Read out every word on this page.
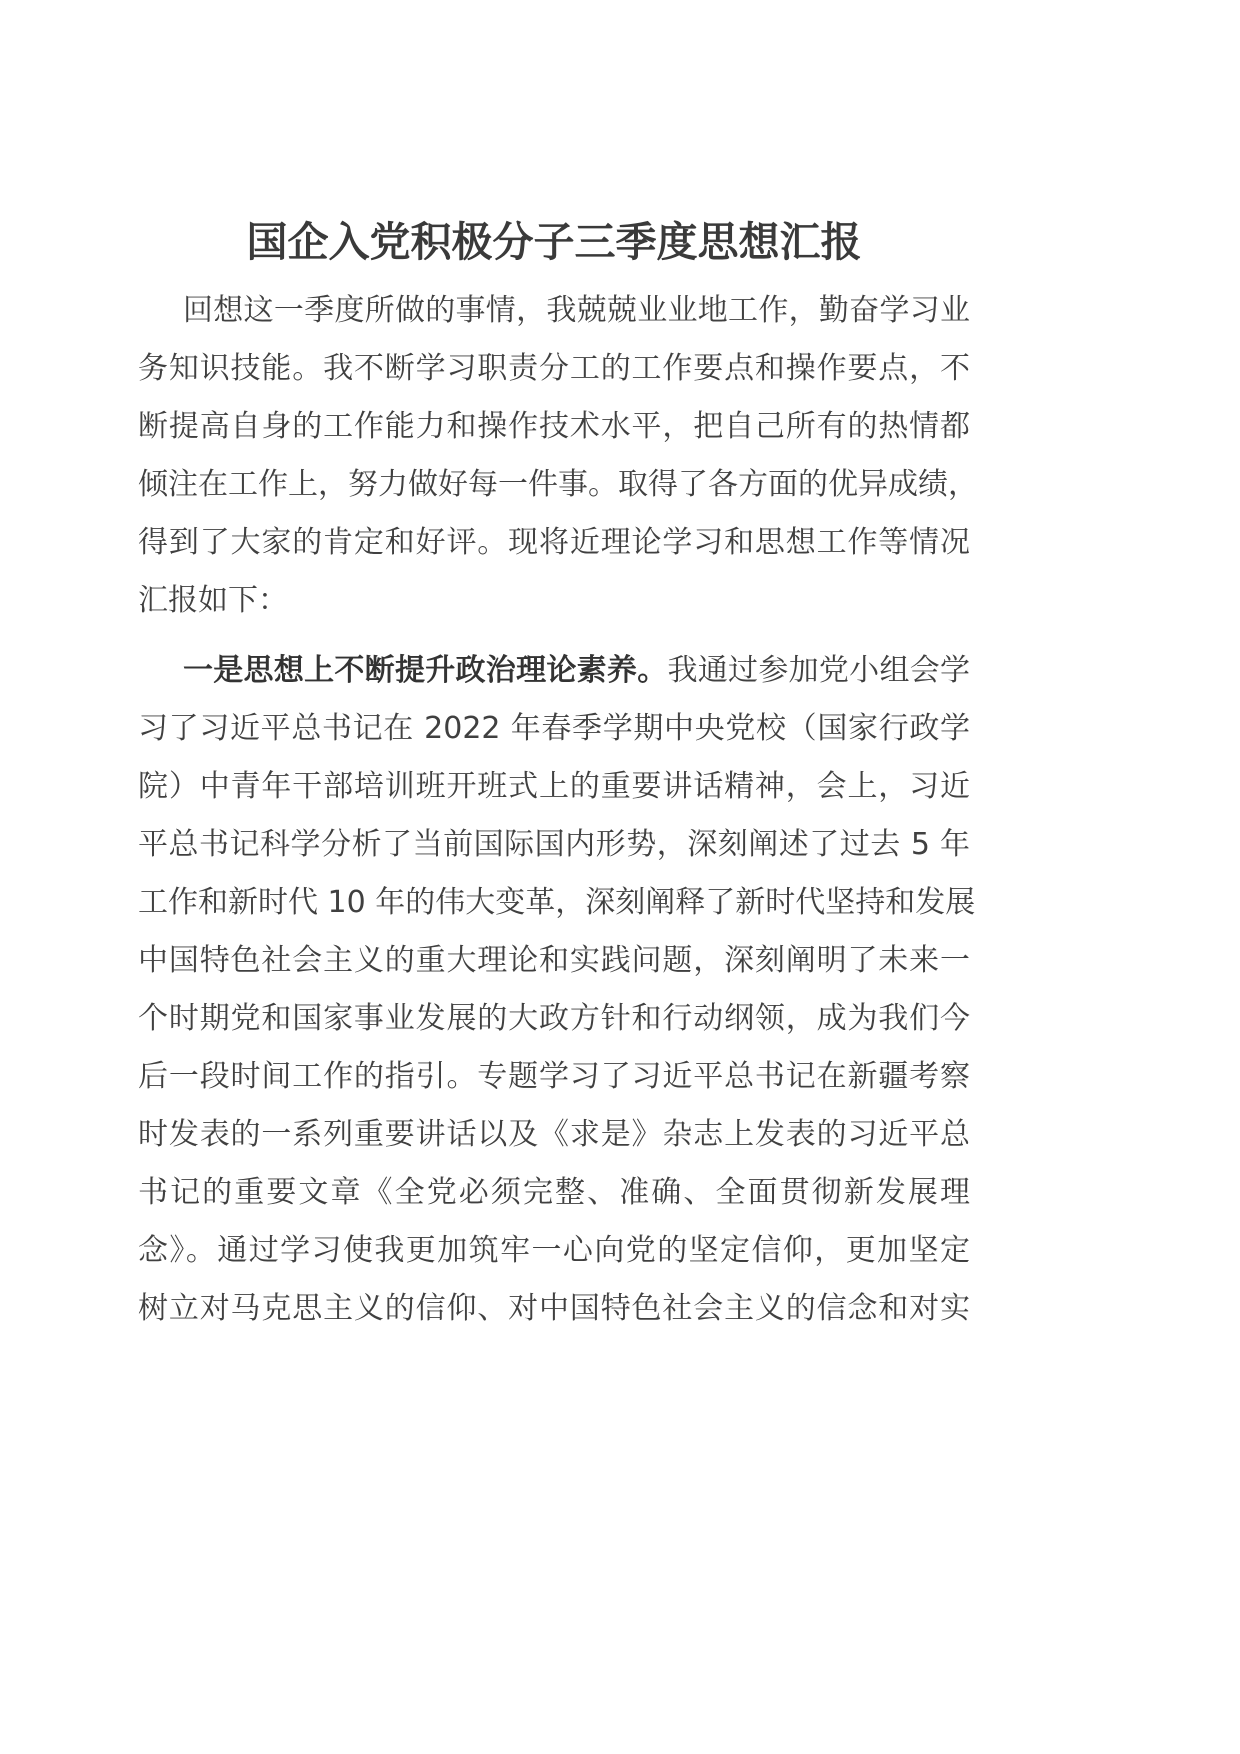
国企入党积极分子三季度思想汇报
回想这一季度所做的事情，我兢兢业业地工作，勤奋学习业
务知识技能。我不断学习职责分工的工作要点和操作要点，不
断提高自身的工作能力和操作技术水平，把自己所有的热情都
倾注在工作上，努力做好每一件事。取得了各方面的优异成绩，
得到了大家的肯定和好评。现将近理论学习和思想工作等情况
汇报如下：
一是思想上不断提升政治理论素养。我通过参加党小组会学
习了习近平总书记在 2022 年春季学期中央党校（国家行政学
院）中青年干部培训班开班式上的重要讲话精神，会上，习近
平总书记科学分析了当前国际国内形势，深刻阐述了过去 5 年
工作和新时代 10 年的伟大变革，深刻阐释了新时代坚持和发展
中国特色社会主义的重大理论和实践问题，深刻阐明了未来一
个时期党和国家事业发展的大政方针和行动纲领，成为我们今
后一段时间工作的指引。专题学习了习近平总书记在新疆考察
时发表的一系列重要讲话以及《求是》杂志上发表的习近平总
书记的重要文章《全党必须完整、准确、全面贯彻新发展理
念》。通过学习使我更加筑牢一心向党的坚定信仰，更加坚定
树立对马克思主义的信仰、对中国特色社会主义的信念和对实
